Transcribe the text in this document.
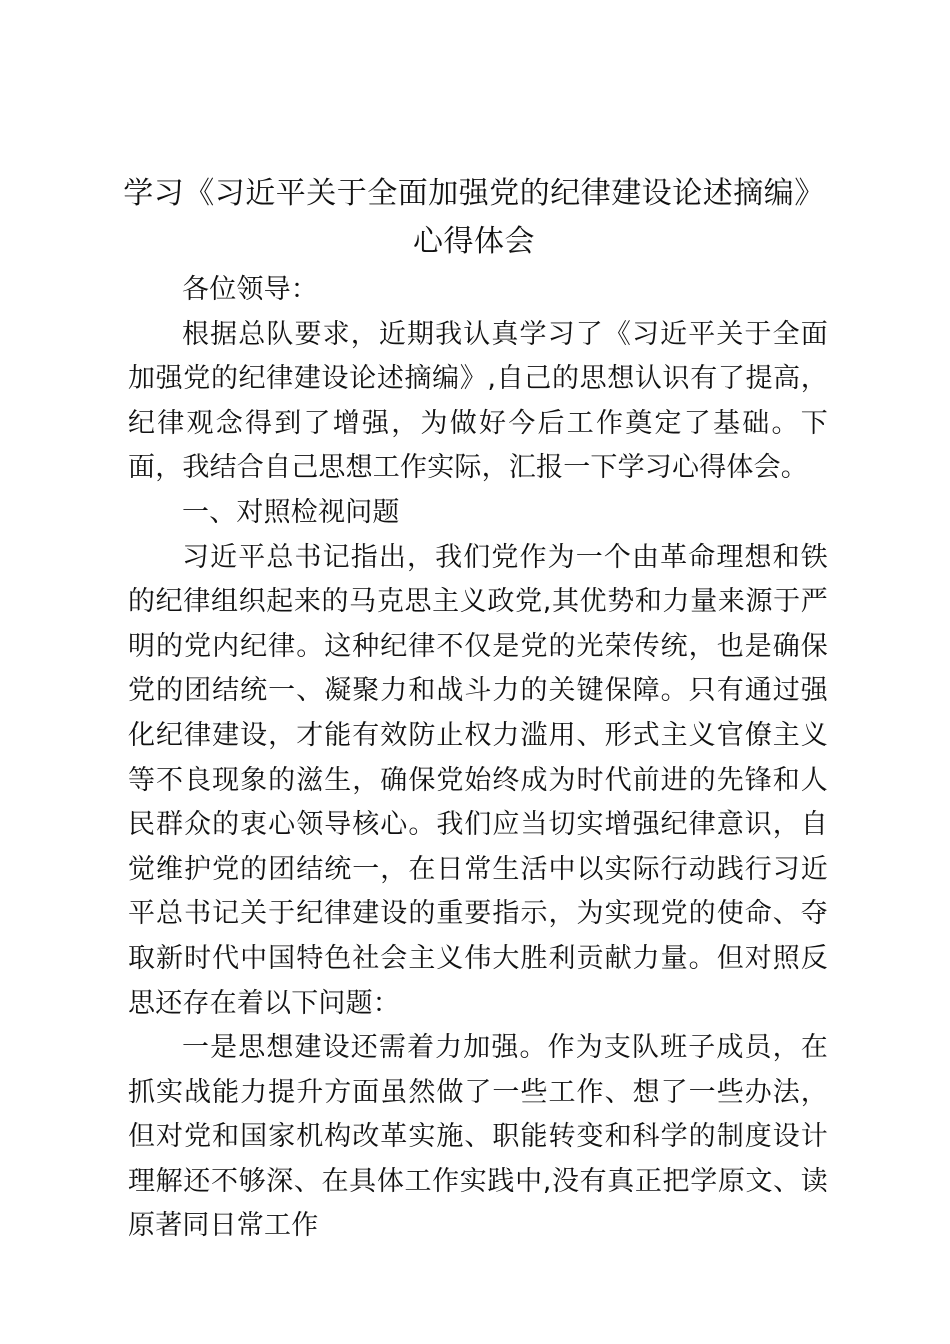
学习《习近平关于全面加强党的纪律建设论述摘编》心得体会

各位领导：

根据总队要求，近期我认真学习了《习近平关于全面加强党的纪律建设论述摘编》,自己的思想认识有了提高，纪律观念得到了增强，为做好今后工作奠定了基础。下面，我结合自己思想工作实际，汇报一下学习心得体会。

一、对照检视问题

习近平总书记指出，我们党作为一个由革命理想和铁的纪律组织起来的马克思主义政党,其优势和力量来源于严明的党内纪律。这种纪律不仅是党的光荣传统，也是确保党的团结统一、凝聚力和战斗力的关键保障。只有通过强化纪律建设，才能有效防止权力滥用、形式主义官僚主义等不良现象的滋生，确保党始终成为时代前进的先锋和人民群众的衷心领导核心。我们应当切实增强纪律意识，自觉维护党的团结统一，在日常生活中以实际行动践行习近平总书记关于纪律建设的重要指示，为实现党的使命、夺取新时代中国特色社会主义伟大胜利贡献力量。但对照反思还存在着以下问题：

一是思想建设还需着力加强。作为支队班子成员，在抓实战能力提升方面虽然做了一些工作、想了一些办法，但对党和国家机构改革实施、职能转变和科学的制度设计理解还不够深、在具体工作实践中,没有真正把学原文、读原著同日常工作
